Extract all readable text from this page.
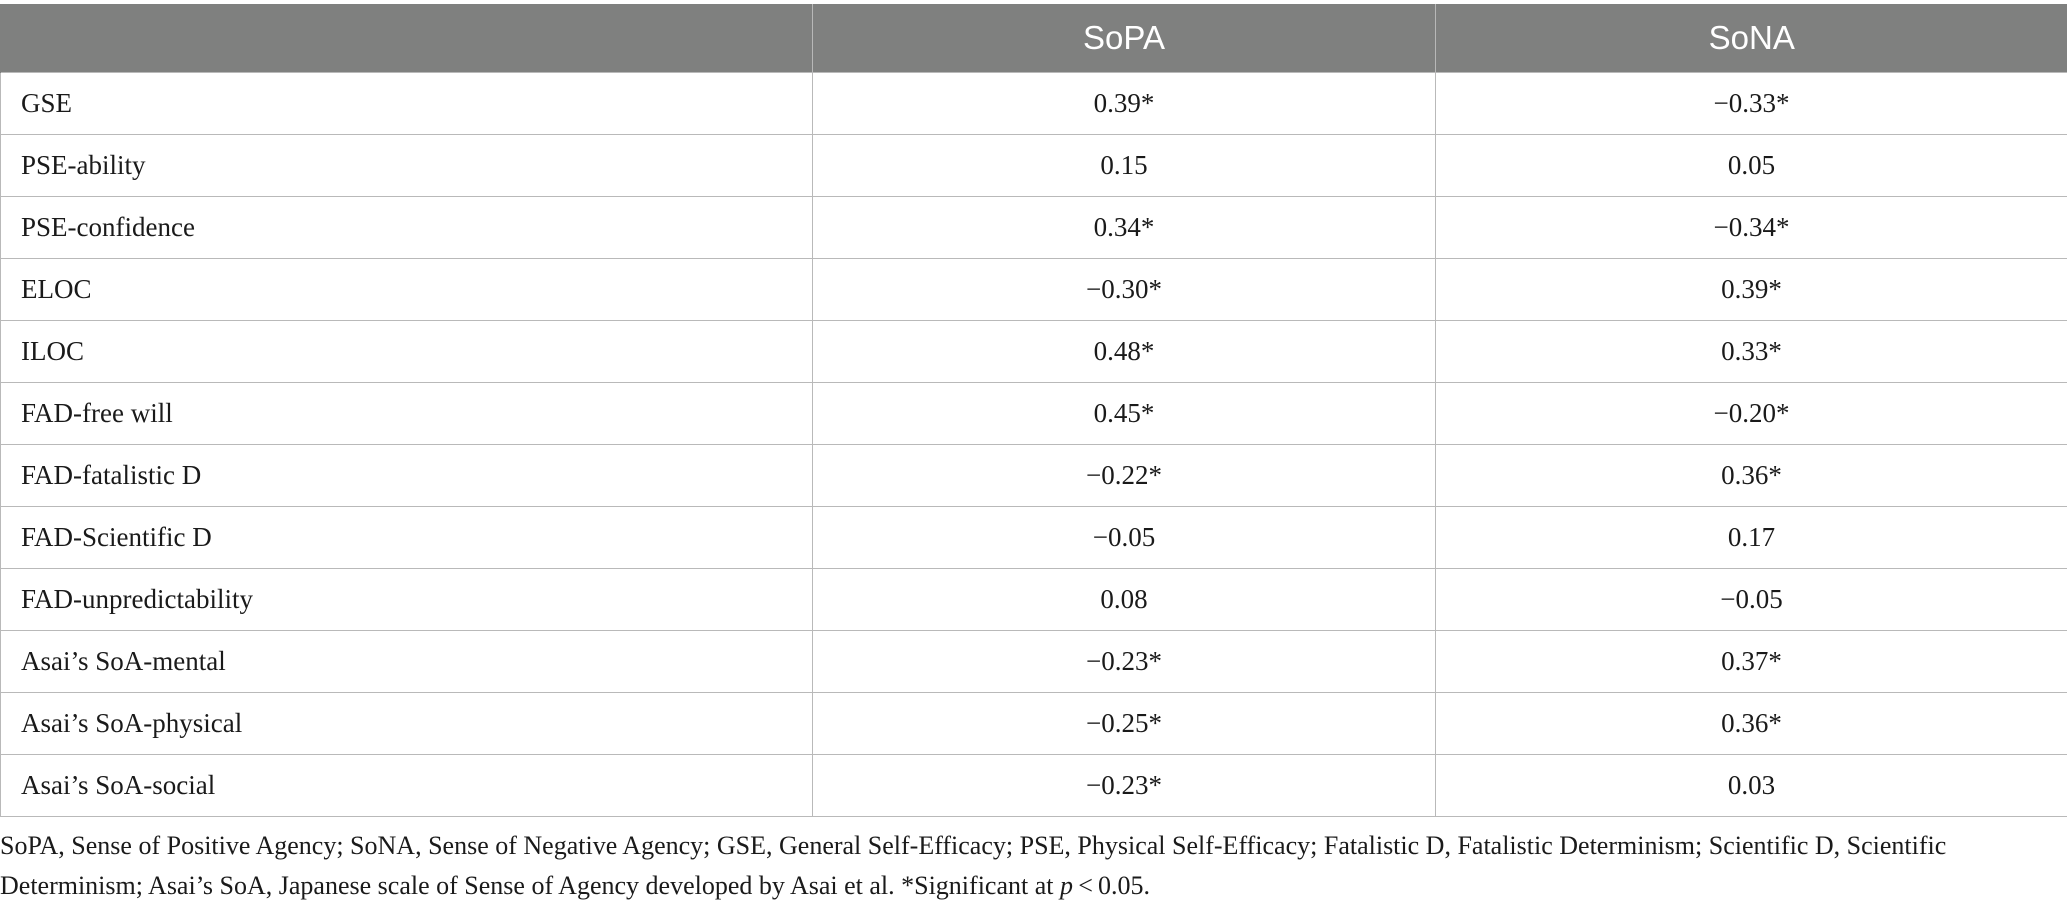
	SoPA	SoNA
GSE	0.39*	−0.33*
PSE-ability	0.15	0.05
PSE-confidence	0.34*	−0.34*
ELOC	−0.30*	0.39*
ILOC	0.48*	0.33*
FAD-free will	0.45*	−0.20*
FAD-fatalistic D	−0.22*	0.36*
FAD-Scientific D	−0.05	0.17
FAD-unpredictability	0.08	−0.05
Asai’s SoA-mental	−0.23*	0.37*
Asai’s SoA-physical	−0.25*	0.36*
Asai’s SoA-social	−0.23*	0.03
SoPA, Sense of Positive Agency; SoNA, Sense of Negative Agency; GSE, General Self-Efficacy; PSE, Physical Self-Efficacy; Fatalistic D, Fatalistic Determinism; Scientific D, Scientific Determinism; Asai’s SoA, Japanese scale of Sense of Agency developed by Asai et al. *Significant at p < 0.05.
